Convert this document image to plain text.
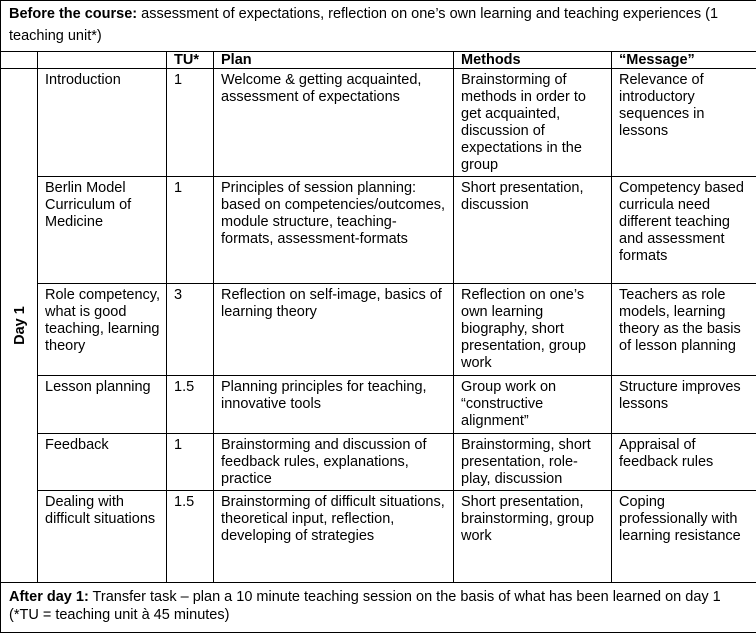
Before the course: assessment of expectations, reflection on one’s own learning and teaching experiences (1 teaching unit*)					
		TU*	Plan	Methods	“Message”
Day 1	Introduction	1	Welcome & getting acquainted, assessment of expectations	Brainstorming of methods in order to get acquainted, discussion of expectations in the group	Relevance of introductory sequences in lessons
	Berlin Model Curriculum of Medicine	1	Principles of session planning: based on competencies/outcomes, module structure, teaching-formats, assessment-formats	Short presentation, discussion	Competency based curricula need different teaching and assessment formats
	Role competency, what is good teaching, learning theory	3	Reflection on self-image, basics of learning theory	Reflection on one’s own learning biography, short presentation, group work	Teachers as role models, learning theory as the basis of lesson planning
	Lesson planning	1.5	Planning principles for teaching, innovative tools	Group work on “constructive alignment”	Structure improves lessons
	Feedback	1	Brainstorming and discussion of feedback rules, explanations, practice	Brainstorming, short presentation, role-play, discussion	Appraisal of feedback rules
	Dealing with difficult situations	1.5	Brainstorming of difficult situations, theoretical input, reflection, developing of strategies	Short presentation, brainstorming, group work	Coping professionally with learning resistance

After day 1: Transfer task – plan a 10 minute teaching session on the basis of what has been learned on day 1
(*TU = teaching unit à 45 minutes)					
